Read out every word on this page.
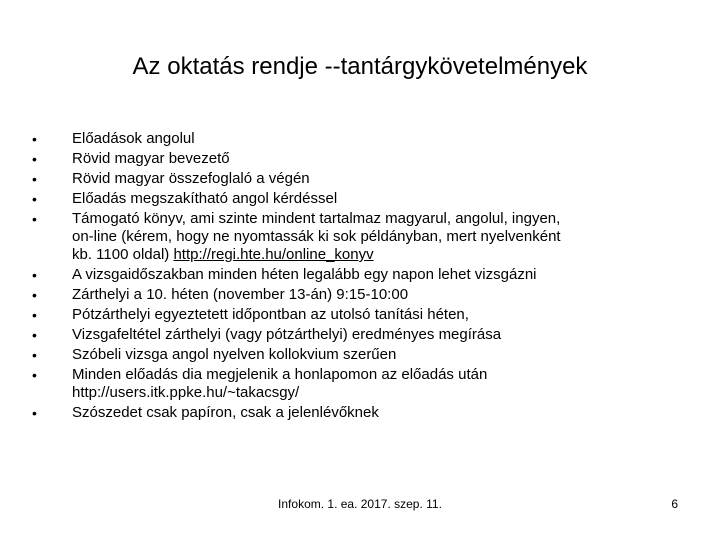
Az oktatás rendje --tantárgykövetelmények
•	Előadások angolul
•	Rövid magyar bevezető
•	Rövid magyar összefoglaló a végén
•	Előadás megszakítható angol kérdéssel
•	Támogató könyv, ami szinte mindent tartalmaz magyarul, angolul, ingyen,
on-line (kérem, hogy ne nyomtassák ki sok példányban, mert nyelvenként
kb. 1100 oldal) http://regi.hte.hu/online_konyv
•	A vizsgaidőszakban minden héten legalább egy napon lehet vizsgázni
•	Zárthelyi a 10. héten (november 13-án) 9:15-10:00
•	Pótzárthelyi egyeztetett időpontban az utolsó tanítási héten,
•	Vizsgafeltétel zárthelyi (vagy pótzárthelyi) eredményes megírása
•	Szóbeli vizsga angol nyelven kollokvium szerűen
•	Minden előadás dia megjelenik a honlapomon az előadás után
http://users.itk.ppke.hu/~takacsgy/
•	Szószedet csak papíron, csak a jelenlévőknek
Infokom. 1. ea. 2017. szep. 11.	6
